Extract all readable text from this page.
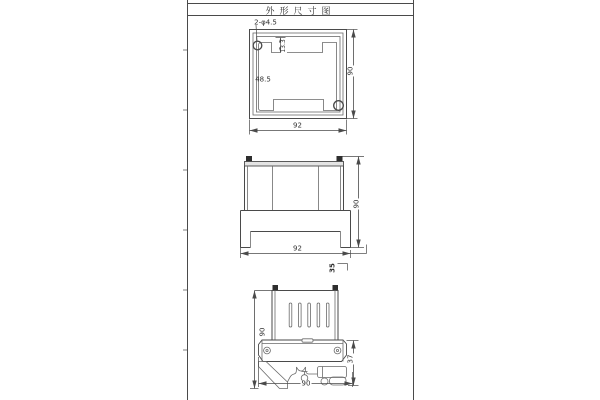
外形尺寸图
2-φ4.5
13.3
48.5
90
92
90
92
35
90
37
90
